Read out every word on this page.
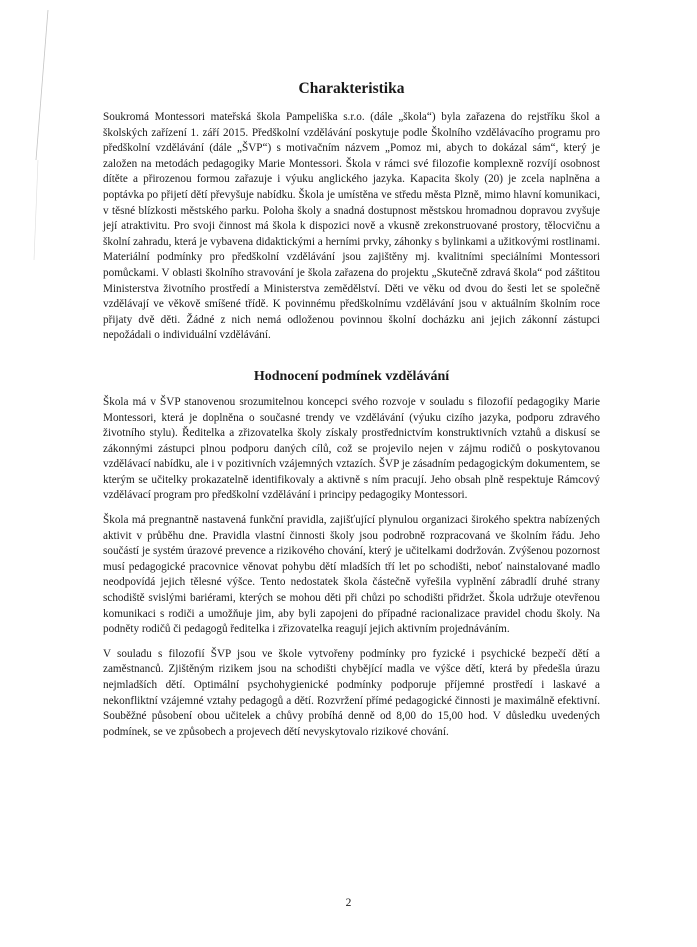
Charakteristika

Soukromá Montessori mateřská škola Pampeliška s.r.o. (dále „škola“) byla zařazena do rejstříku škol a školských zařízení 1. září 2015. Předškolní vzdělávání poskytuje podle Školního vzdělávacího programu pro předškolní vzdělávání (dále „ŠVP“) s motivačním názvem „Pomoz mi, abych to dokázal sám“, který je založen na metodách pedagogiky Marie Montessori. Škola v rámci své filozofie komplexně rozvíjí osobnost dítěte a přirozenou formou zařazuje i výuku anglického jazyka. Kapacita školy (20) je zcela naplněna a poptávka po přijetí dětí převyšuje nabídku. Škola je umístěna ve středu města Plzně, mimo hlavní komunikaci, v těsné blízkosti městského parku. Poloha školy a snadná dostupnost městskou hromadnou dopravou zvyšuje její atraktivitu. Pro svoji činnost má škola k dispozici nově a vkusně zrekonstruované prostory, tělocvičnu a školní zahradu, která je vybavena didaktickými a herními prvky, záhonky s bylinkami a užitkovými rostlinami. Materiální podmínky pro předškolní vzdělávání jsou zajištěny mj. kvalitními speciálními Montessori pomůckami. V oblasti školního stravování je škola zařazena do projektu „Skutečně zdravá škola“ pod záštitou Ministerstva životního prostředí a Ministerstva zemědělství. Děti ve věku od dvou do šesti let se společně vzdělávají ve věkově smíšené třídě. K povinnému předškolnímu vzdělávání jsou v aktuálním školním roce přijaty dvě děti. Žádné z nich nemá odloženou povinnou školní docházku ani jejich zákonní zástupci nepožádali o individuální vzdělávání.

Hodnocení podmínek vzdělávání

Škola má v ŠVP stanovenou srozumitelnou koncepci svého rozvoje v souladu s filozofií pedagogiky Marie Montessori, která je doplněna o současné trendy ve vzdělávání (výuku cizího jazyka, podporu zdravého životního stylu). Ředitelka a zřizovatelka školy získaly prostřednictvím konstruktivních vztahů a diskusí se zákonnými zástupci plnou podporu daných cílů, což se projevilo nejen v zájmu rodičů o poskytovanou vzdělávací nabídku, ale i v pozitivních vzájemných vztazích. ŠVP je zásadním pedagogickým dokumentem, se kterým se učitelky prokazatelně identifikovaly a aktivně s ním pracují. Jeho obsah plně respektuje Rámcový vzdělávací program pro předškolní vzdělávání i principy pedagogiky Montessori.

Škola má pregnantně nastavená funkční pravidla, zajišťující plynulou organizaci širokého spektra nabízených aktivit v průběhu dne. Pravidla vlastní činnosti školy jsou podrobně rozpracovaná ve školním řádu. Jeho součástí je systém úrazové prevence a rizikového chování, který je učitelkami dodržován. Zvýšenou pozornost musí pedagogické pracovnice věnovat pohybu dětí mladších tří let po schodišti, neboť nainstalované madlo neodpovídá jejich tělesné výšce. Tento nedostatek škola částečně vyřešila vyplnění zábradlí druhé strany schodiště svislými bariérami, kterých se mohou děti při chůzi po schodišti přidržet. Škola udržuje otevřenou komunikaci s rodiči a umožňuje jim, aby byli zapojeni do případné racionalizace pravidel chodu školy. Na podněty rodičů či pedagogů ředitelka i zřizovatelka reagují jejich aktivním projednáváním.

V souladu s filozofií ŠVP jsou ve škole vytvořeny podmínky pro fyzické i psychické bezpečí dětí a zaměstnanců. Zjištěným rizikem jsou na schodišti chybějící madla ve výšce dětí, která by předešla úrazu nejmladších dětí. Optimální psychohygienické podmínky podporuje příjemné prostředí i laskavé a nekonfliktní vzájemné vztahy pedagogů a dětí. Rozvržení přímé pedagogické činnosti je maximálně efektivní. Souběžné působení obou učitelek a chůvy probíhá denně od 8,00 do 15,00 hod. V důsledku uvedených podmínek, se ve způsobech a projevech dětí nevyskytovalo rizikové chování.

2
